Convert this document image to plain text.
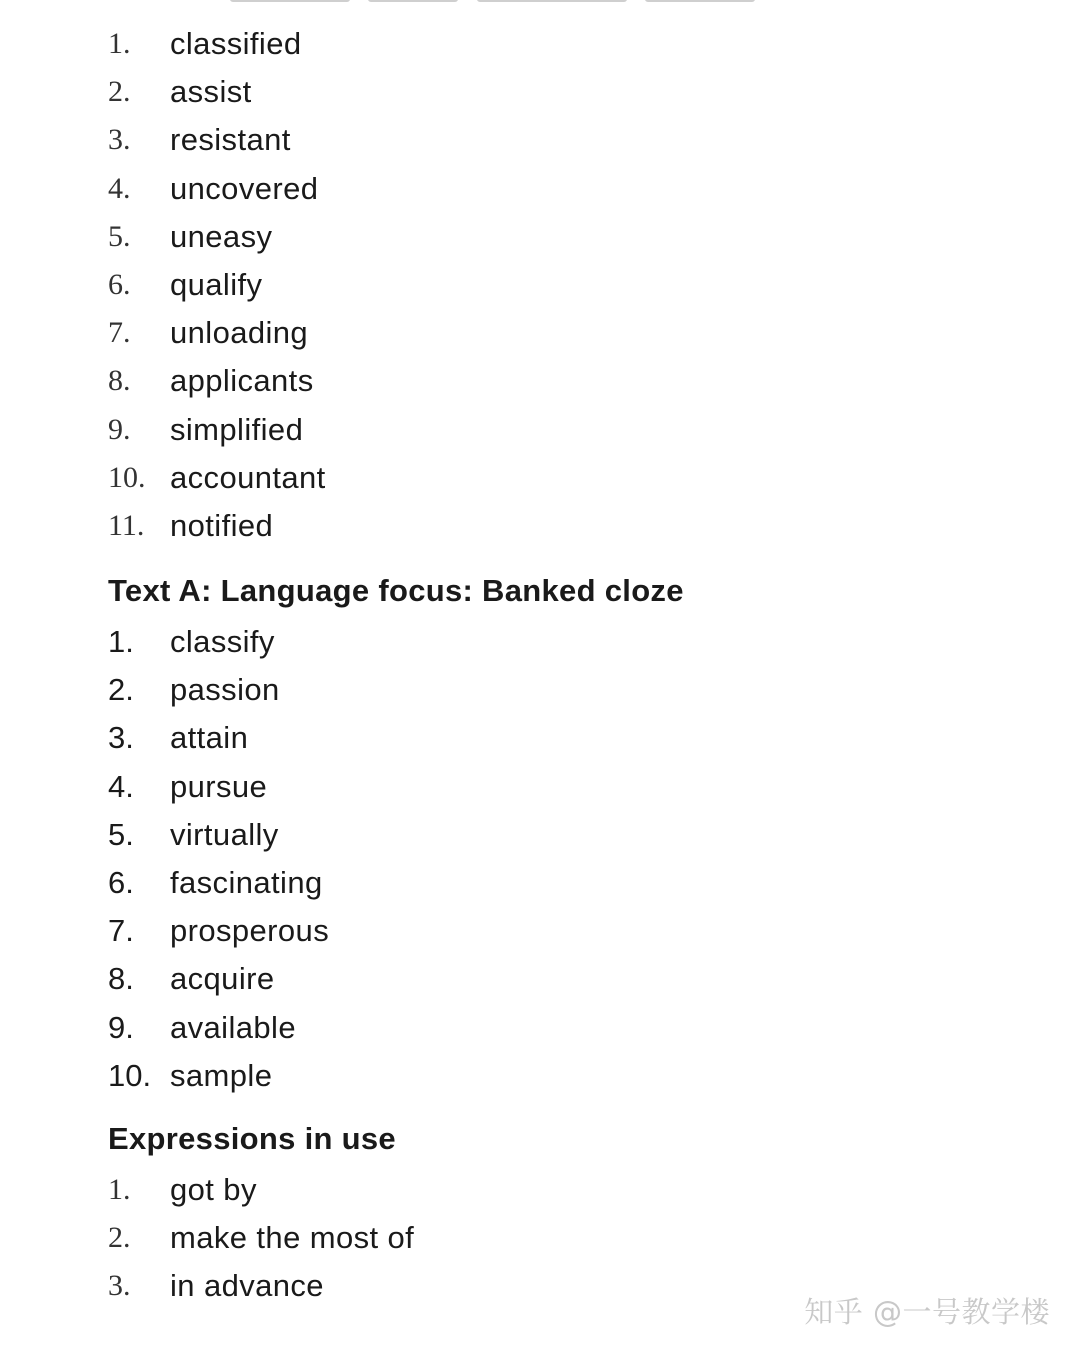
1.	classified
2.	assist
3.	resistant
4.	uncovered
5.	uneasy
6.	qualify
7.	unloading
8.	applicants
9.	simplified
10. accountant
11. notified
Text A: Language focus: Banked cloze
1.	classify
2.	passion
3.	attain
4.	pursue
5.	virtually
6.	fascinating
7.	prosperous
8.	acquire
9.	available
10. sample
Expressions in use
1.	got by
2.	make the most of
3.	in advance
知乎 @一号教学楼
